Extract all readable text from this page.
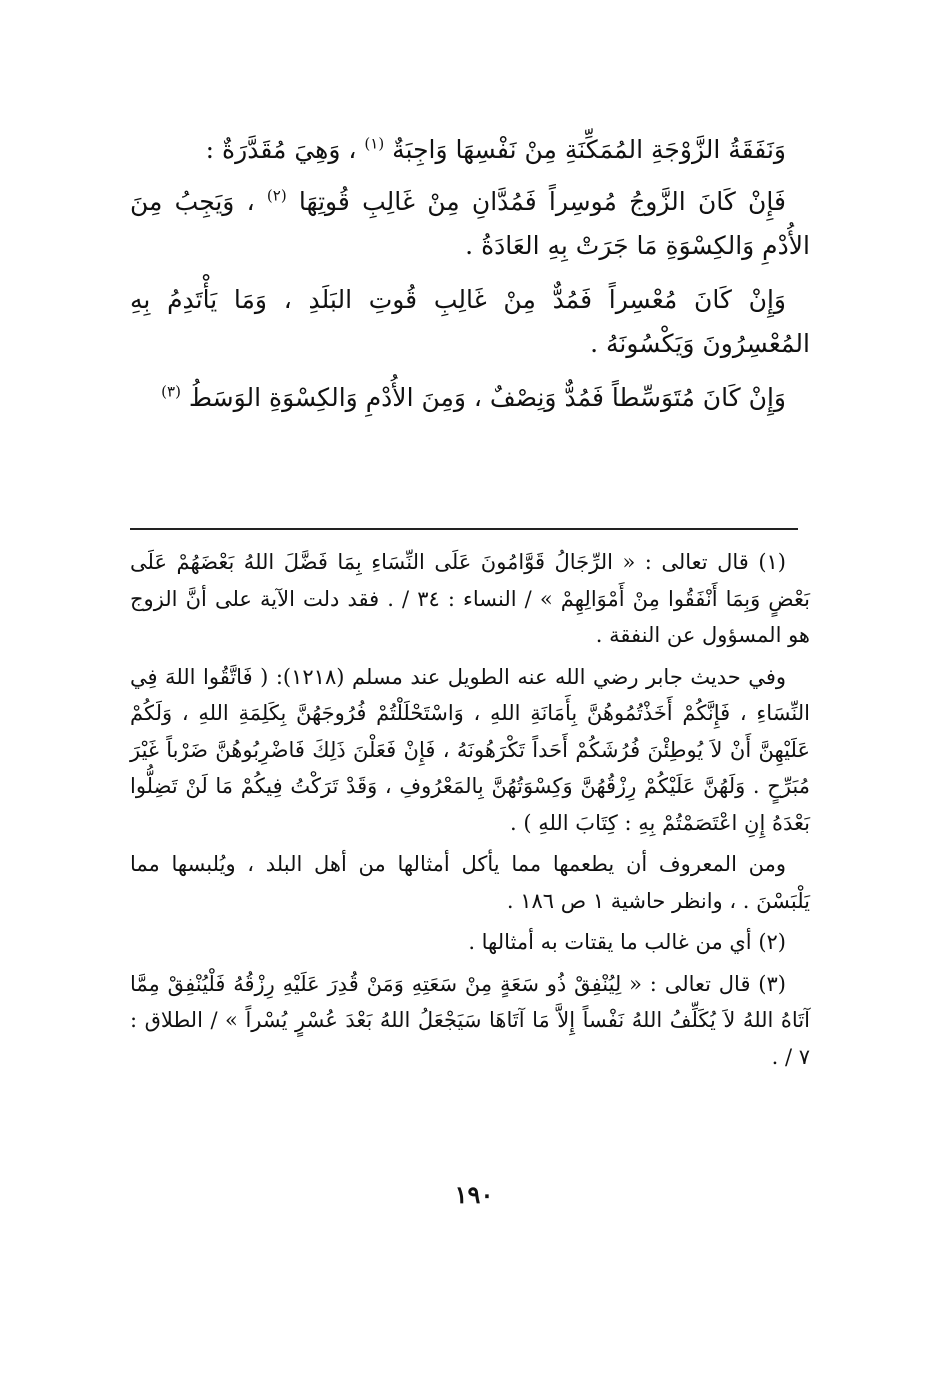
وَنَفَقَةُ الزَّوْجَةِ المُمَكِّنَةِ مِنْ نَفْسِهَا وَاجِبَةٌ $^{(١)}$ ، وَهِيَ مُقَدَّرَةٌ :

فَإِنْ كَانَ الزَّوجُ مُوسِراً فَمُدَّانِ مِنْ غَالِبِ قُوتِهَا $^{(٢)}$ ، وَيَجِبُ مِنَ الأُدْمِ وَالكِسْوَةِ مَا جَرَتْ بِهِ العَادَةُ .

وَإِنْ كَانَ مُعْسِراً فَمُدٌّ مِنْ غَالِبِ قُوتِ البَلَدِ ، وَمَا يَأْتَدِمُ بِهِ المُعْسِرُونَ وَيَكْسُونَهُ .

وَإِنْ كَانَ مُتَوَسِّطاً فَمُدٌّ وَنِصْفٌ ، وَمِنَ الأُدْمِ وَالكِسْوَةِ الوَسَطُ $^{(٣)}$

(١) قال تعالى : « الرِّجَالُ قَوَّامُونَ عَلَى النِّسَاءِ بِمَا فَضَّلَ اللهُ بَعْضَهُمْ عَلَى بَعْضٍ وَبِمَا أَنْفَقُوا مِنْ أَمْوَالِهِمْ » / النساء : ٣٤ / . فقد دلت الآية على أنَّ الزوج هو المسؤول عن النفقة .

وفي حديث جابر رضي الله عنه الطويل عند مسلم (١٢١٨): ( فَاتَّقُوا اللهَ فِي النِّسَاءِ ، فَإِنَّكُمْ أَخَذْتُمُوهُنَّ بِأَمَانَةِ اللهِ ، وَاسْتَحْلَلْتُمْ فُرُوجَهُنَّ بِكَلِمَةِ اللهِ ، وَلَكُمْ عَلَيْهِنَّ أَنْ لاَ يُوطِئْنَ فُرُشَكُمْ أَحَداً تَكْرَهُونَهُ ، فَإِنْ فَعَلْنَ ذَلِكَ فَاضْرِبُوهُنَّ ضَرْباً غَيْرَ مُبَرِّحٍ . وَلَهُنَّ عَلَيْكُمْ رِزْقُهُنَّ وَكِسْوَتُهُنَّ بِالمَعْرُوفِ ، وَقَدْ تَرَكْتُ فِيكُمْ مَا لَنْ تَضِلُّوا بَعْدَهُ إِنِ اعْتَصَمْتُمْ بِهِ : كِتَابَ اللهِ ) .

ومن المعروف أن يطعمها مما يأكل أمثالها من أهل البلد ، ويُلبسها مما يَلْبَسْنَ . ، وانظر حاشية ١ ص ١٨٦ .

(٢) أي من غالب ما يقتات به أمثالها .

(٣) قال تعالى : « لِيُنْفِقْ ذُو سَعَةٍ مِنْ سَعَتِهِ وَمَنْ قُدِرَ عَلَيْهِ رِزْقُهُ فَلْيُنْفِقْ مِمَّا آتَاهُ اللهُ لاَ يُكَلِّفُ اللهُ نَفْساً إِلاَّ مَا آتَاهَا سَيَجْعَلُ اللهُ بَعْدَ عُسْرٍ يُسْراً » / الطلاق : ٧ / .

١٩٠
